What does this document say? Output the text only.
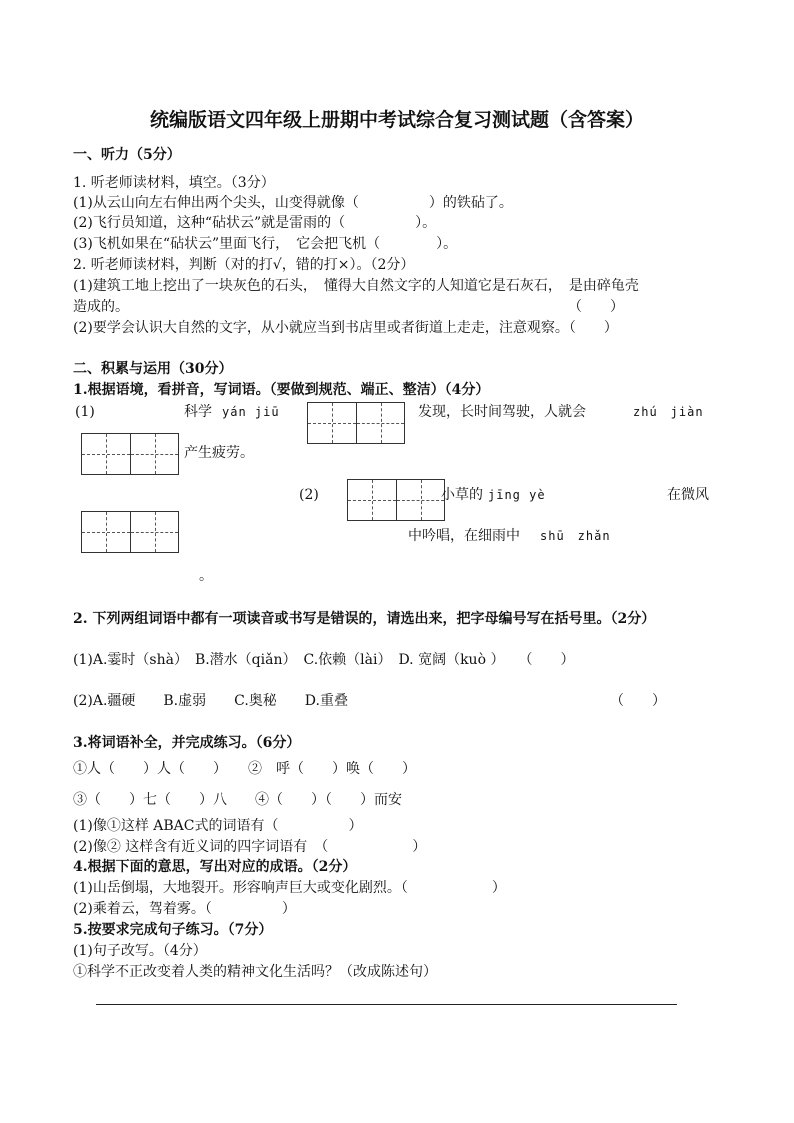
统编版语文四年级上册期中考试综合复习测试题（含答案）
一、听力（5分）
1. 听老师读材料，填空。（3分）
(1)从云山向左右伸出两个尖头，山变得就像（　　　　　）的铁砧了。
(2)飞行员知道，这种“砧状云”就是雷雨的（　　　　　）。
(3)飞机如果在“砧状云”里面飞行，　它会把飞机（　　　　）。
2. 听老师读材料，判断（对的打√，错的打×）。（2分）
(1)建筑工地上挖出了一块灰色的石头，　懂得大自然文字的人知道它是石灰石，　是由碎龟壳
造成的。	（　　）
(2)要学会认识大自然的文字，从小就应当到书店里或者街道上走走，注意观察。（　　）
二、积累与运用（30分）
1.根据语境，看拼音，写词语。（要做到规范、端正、整洁）（4分）
(1)	科学 yán jiū	发现，长时间驾驶，人就会	zhú　jiàn
产生疲劳。
(2)	小草的 jīng yè	在微风
中吟唱，在细雨中 shū　zhǎn
。
2. 下列两组词语中都有一项读音或书写是错误的，请选出来，把字母编号写在括号里。（2分）
(1)A.霎时（shà）　B.潜水（qiǎn）　C.依赖（lài）　D. 宽阔（kuò ）　　（　　）
(2)A.疆硬　　B.虚弱　　C.奥秘　　D.重叠	（　　）
3.将词语补全，并完成练习。（6分）
①人（　　）人（　　）　　②　呼（　　）唤（　　）
③（　　）七（　　）八　　④（　　）（　　）而安
(1)像①这样 ABAC式的词语有（　　　　　）
(2)像② 这样含有近义词的四字词语有　（　　　　　　）
4.根据下面的意思，写出对应的成语。（2分）
(1)山岳倒塌，大地裂开。形容响声巨大或变化剧烈。（　　　　　　）
(2)乘着云，驾着雾。（　　　　　）
5.按要求完成句子练习。（7分）
(1)句子改写。（4分）
①科学不正改变着人类的精神文化生活吗？（改成陈述句）
